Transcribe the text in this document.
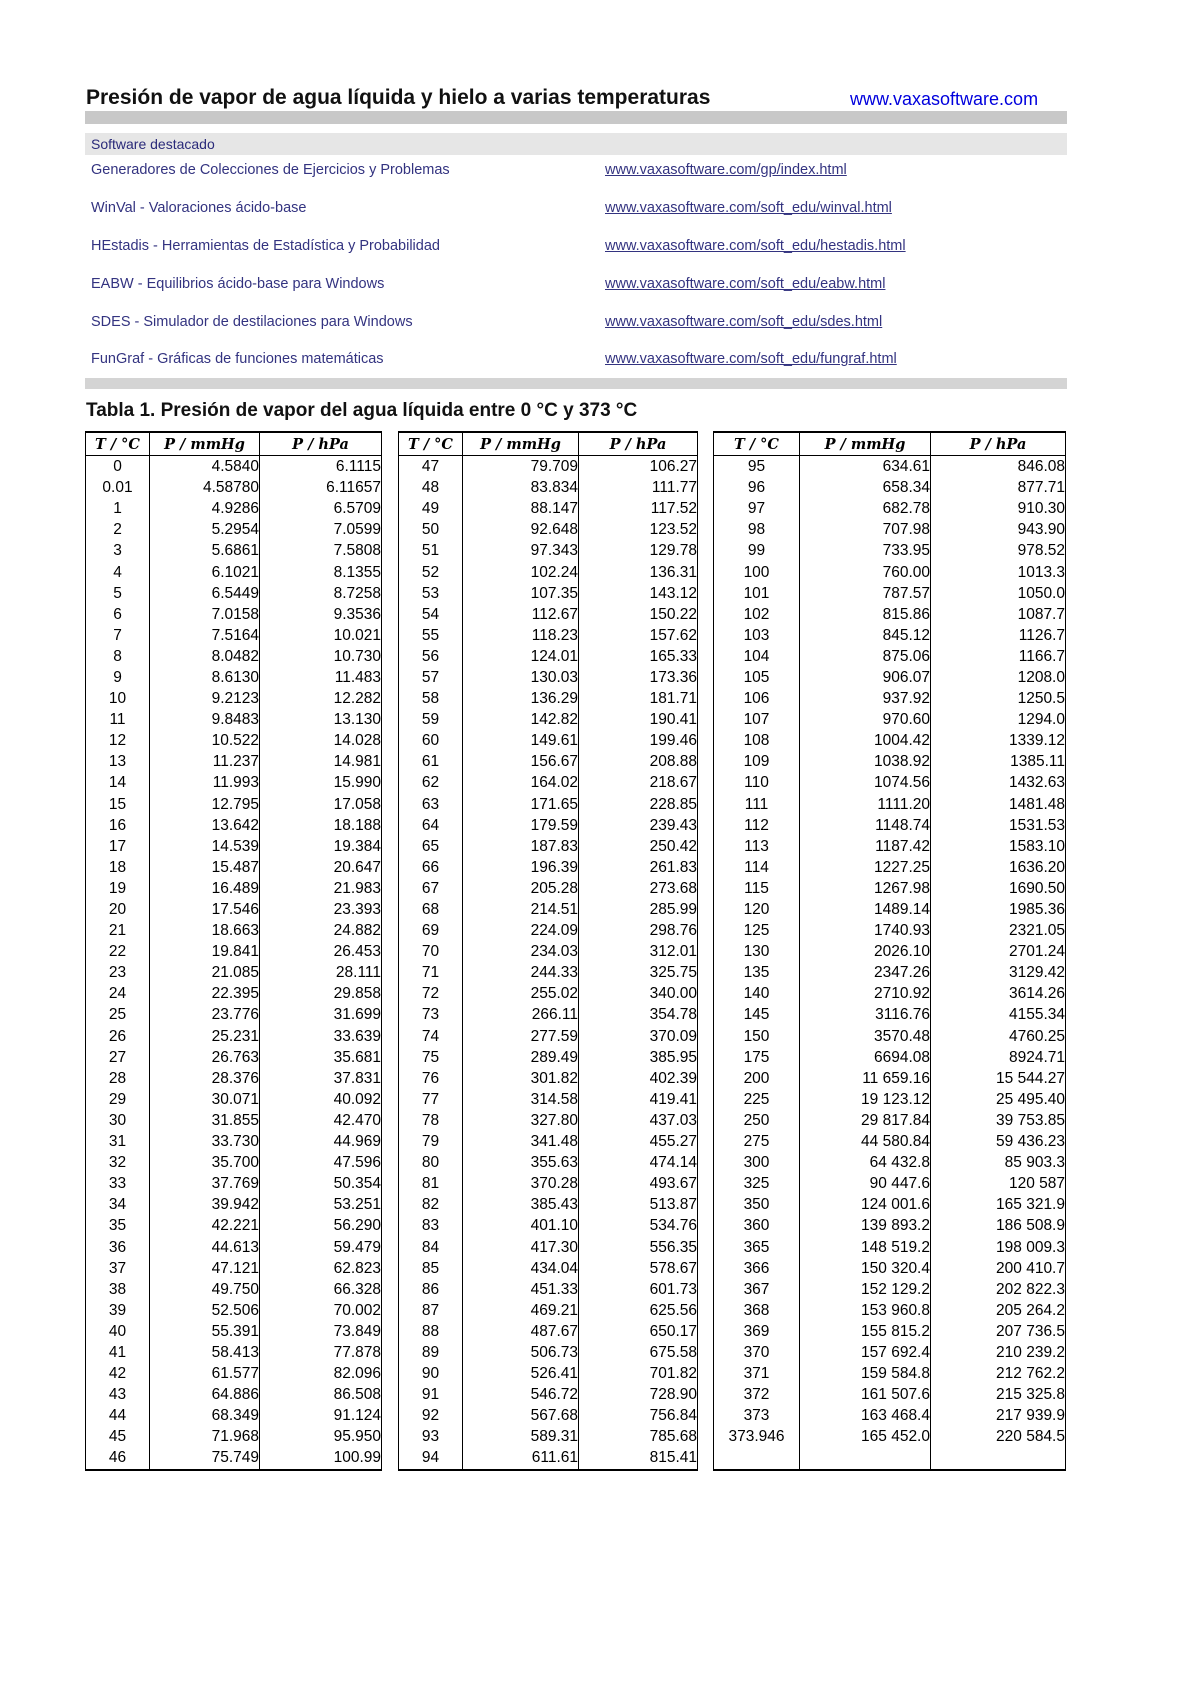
Presión de vapor de agua líquida y hielo a varias temperaturas	www.vaxasoftware.com
Software destacado
Generadores de Colecciones de Ejercicios y Problemas	www.vaxasoftware.com/gp/index.html
WinVal - Valoraciones ácido-base	www.vaxasoftware.com/soft_edu/winval.html
HEstadis - Herramientas de Estadística y Probabilidad	www.vaxasoftware.com/soft_edu/hestadis.html
EABW - Equilibrios ácido-base para Windows	www.vaxasoftware.com/soft_edu/eabw.html
SDES - Simulador de destilaciones para Windows	www.vaxasoftware.com/soft_edu/sdes.html
FunGraf - Gráficas de funciones matemáticas	www.vaxasoftware.com/soft_edu/fungraf.html
Tabla 1. Presión de vapor del agua líquida entre 0 °C y 373 °C
T / °C	P / mmHg	P / hPa
0	4.5840	6.1115
0.01	4.58780	6.11657
1	4.9286	6.5709
2	5.2954	7.0599
3	5.6861	7.5808
4	6.1021	8.1355
5	6.5449	8.7258
6	7.0158	9.3536
7	7.5164	10.021
8	8.0482	10.730
9	8.6130	11.483
10	9.2123	12.282
11	9.8483	13.130
12	10.522	14.028
13	11.237	14.981
14	11.993	15.990
15	12.795	17.058
16	13.642	18.188
17	14.539	19.384
18	15.487	20.647
19	16.489	21.983
20	17.546	23.393
21	18.663	24.882
22	19.841	26.453
23	21.085	28.111
24	22.395	29.858
25	23.776	31.699
26	25.231	33.639
27	26.763	35.681
28	28.376	37.831
29	30.071	40.092
30	31.855	42.470
31	33.730	44.969
32	35.700	47.596
33	37.769	50.354
34	39.942	53.251
35	42.221	56.290
36	44.613	59.479
37	47.121	62.823
38	49.750	66.328
39	52.506	70.002
40	55.391	73.849
41	58.413	77.878
42	61.577	82.096
43	64.886	86.508
44	68.349	91.124
45	71.968	95.950
46	75.749	100.99
T / °C	P / mmHg	P / hPa
47	79.709	106.27
48	83.834	111.77
49	88.147	117.52
50	92.648	123.52
51	97.343	129.78
52	102.24	136.31
53	107.35	143.12
54	112.67	150.22
55	118.23	157.62
56	124.01	165.33
57	130.03	173.36
58	136.29	181.71
59	142.82	190.41
60	149.61	199.46
61	156.67	208.88
62	164.02	218.67
63	171.65	228.85
64	179.59	239.43
65	187.83	250.42
66	196.39	261.83
67	205.28	273.68
68	214.51	285.99
69	224.09	298.76
70	234.03	312.01
71	244.33	325.75
72	255.02	340.00
73	266.11	354.78
74	277.59	370.09
75	289.49	385.95
76	301.82	402.39
77	314.58	419.41
78	327.80	437.03
79	341.48	455.27
80	355.63	474.14
81	370.28	493.67
82	385.43	513.87
83	401.10	534.76
84	417.30	556.35
85	434.04	578.67
86	451.33	601.73
87	469.21	625.56
88	487.67	650.17
89	506.73	675.58
90	526.41	701.82
91	546.72	728.90
92	567.68	756.84
93	589.31	785.68
94	611.61	815.41
T / °C	P / mmHg	P / hPa
95	634.61	846.08
96	658.34	877.71
97	682.78	910.30
98	707.98	943.90
99	733.95	978.52
100	760.00	1013.3
101	787.57	1050.0
102	815.86	1087.7
103	845.12	1126.7
104	875.06	1166.7
105	906.07	1208.0
106	937.92	1250.5
107	970.60	1294.0
108	1004.42	1339.12
109	1038.92	1385.11
110	1074.56	1432.63
111	1111.20	1481.48
112	1148.74	1531.53
113	1187.42	1583.10
114	1227.25	1636.20
115	1267.98	1690.50
120	1489.14	1985.36
125	1740.93	2321.05
130	2026.10	2701.24
135	2347.26	3129.42
140	2710.92	3614.26
145	3116.76	4155.34
150	3570.48	4760.25
175	6694.08	8924.71
200	11 659.16	15 544.27
225	19 123.12	25 495.40
250	29 817.84	39 753.85
275	44 580.84	59 436.23
300	64 432.8	85 903.3
325	90 447.6	120 587
350	124 001.6	165 321.9
360	139 893.2	186 508.9
365	148 519.2	198 009.3
366	150 320.4	200 410.7
367	152 129.2	202 822.3
368	153 960.8	205 264.2
369	155 815.2	207 736.5
370	157 692.4	210 239.2
371	159 584.8	212 762.2
372	161 507.6	215 325.8
373	163 468.4	217 939.9
373.946	165 452.0	220 584.5
